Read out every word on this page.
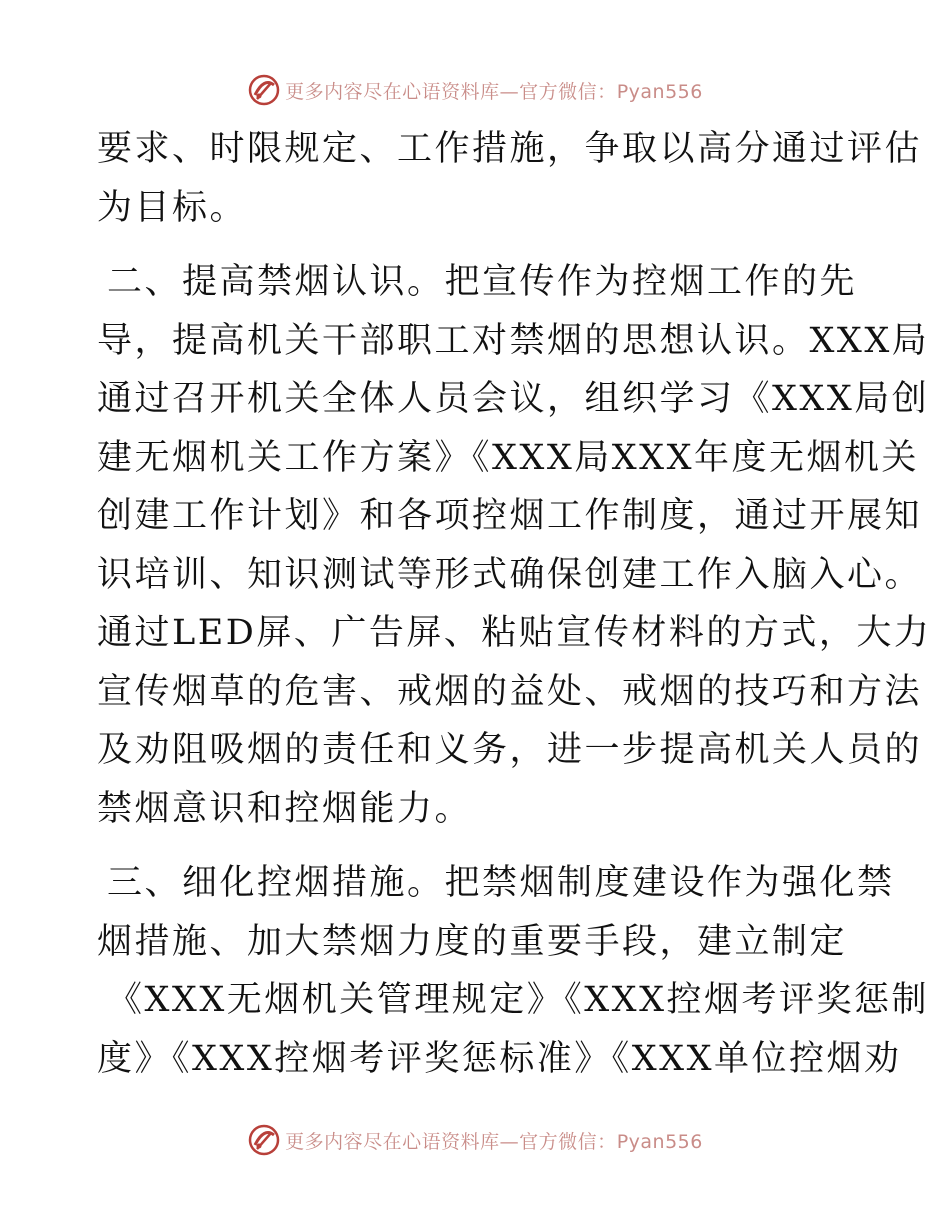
更多内容尽在心语资料库—官方微信：Pyan556
要求、时限规定、工作措施，争取以高分通过评估
为目标。
二、提高禁烟认识。把宣传作为控烟工作的先
导，提高机关干部职工对禁烟的思想认识。XXX局
通过召开机关全体人员会议，组织学习《XXX局创
建无烟机关工作方案》《XXX局XXX年度无烟机关
创建工作计划》和各项控烟工作制度，通过开展知
识培训、知识测试等形式确保创建工作入脑入心。
通过LED屏、广告屏、粘贴宣传材料的方式，大力
宣传烟草的危害、戒烟的益处、戒烟的技巧和方法
及劝阻吸烟的责任和义务，进一步提高机关人员的
禁烟意识和控烟能力。
三、细化控烟措施。把禁烟制度建设作为强化禁
烟措施、加大禁烟力度的重要手段，建立制定
《XXX无烟机关管理规定》《XXX控烟考评奖惩制
度》《XXX控烟考评奖惩标准》《XXX单位控烟劝
更多内容尽在心语资料库—官方微信：Pyan556
